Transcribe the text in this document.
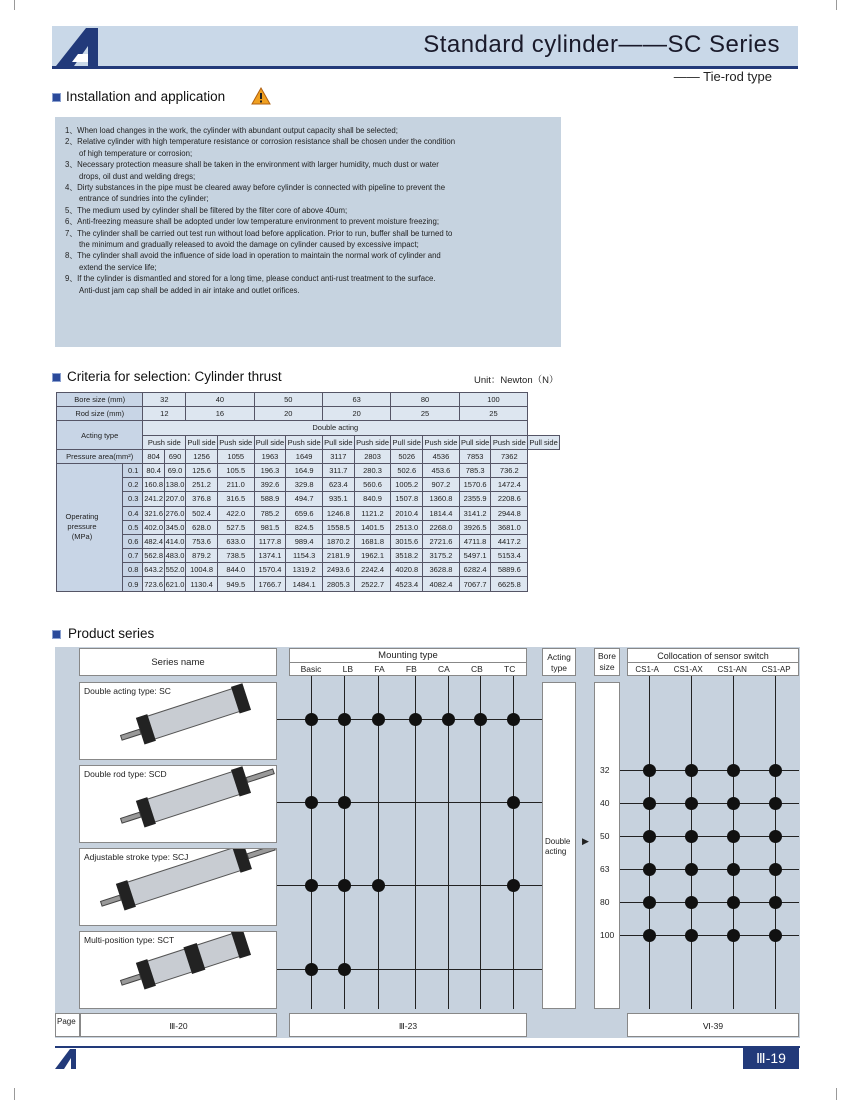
Standard cylinder——SC Series
—— Tie-rod type
Installation and application

1、When load changes in the work, the cylinder with abundant output capacity shall be selected;

2、Relative cylinder with high temperature resistance or corrosion resistance shall be chosen under the condition

of high temperature or corrosion;

3、Necessary protection measure shall be taken in the environment with larger humidity, much dust or water

drops, oil dust and welding dregs;

4、Dirty substances in the pipe must be cleared away before cylinder is connected with pipeline to prevent the

entrance of sundries into the cylinder;

5、The medium used by cylinder shall be filtered by the filter core of above 40um;

6、Anti-freezing measure shall be adopted under low temperature environment to prevent moisture freezing;

7、The cylinder shall be carried out test run without load before application. Prior to run, buffer shall be turned to

the minimum and gradually released to avoid the damage on cylinder caused by excessive impact;

8、The cylinder shall avoid the influence of side load in operation to maintain the normal work of cylinder and

extend the service life;

9、If the cylinder is dismantled and stored for a long time, please conduct anti-rust treatment to the surface.

Anti-dust jam cap shall be added in air intake and outlet orifices.

Criteria for selection: Cylinder thrust	Unit：Newton（N）
Bore size (mm)		32		40		50		63		80		100		
Rod size (mm)		12		16		20		20		25		25		
Acting type		Double acting												
		Push side		Pull side	Push side	Pull side	Push side	Pull side	Push side	Pull side	Push side	Pull side	Push side	Pull side
Pressure area(mm²)		804	690	1256	1055	1963	1649	3117	2803	5026	4536	7853	7362	

Operating pressure (MPa)	0.1	80.4	69.0	125.6	105.5	196.3	164.9	311.7	280.3	502.6	453.6	785.3	736.2	
	0.2	160.8	138.0	251.2	211.0	392.6	329.8	623.4	560.6	1005.2	907.2	1570.6	1472.4	
	0.3	241.2	207.0	376.8	316.5	588.9	494.7	935.1	840.9	1507.8	1360.8	2355.9	2208.6	
	0.4	321.6	276.0	502.4	422.0	785.2	659.6	1246.8	1121.2	2010.4	1814.4	3141.2	2944.8	
	0.5	402.0	345.0	628.0	527.5	981.5	824.5	1558.5	1401.5	2513.0	2268.0	3926.5	3681.0	
	0.6	482.4	414.0	753.6	633.0	1177.8	989.4	1870.2	1681.8	3015.6	2721.6	4711.8	4417.2	
	0.7	562.8	483.0	879.2	738.5	1374.1	1154.3	2181.9	1962.1	3518.2	3175.2	5497.1	5153.4	
	0.8	643.2	552.0	1004.8	844.0	1570.4	1319.2	2493.6	2242.4	4020.8	3628.8	6282.4	5889.6	
	0.9	723.6	621.0	1130.4	949.5	1766.7	1484.1	2805.3	2522.7	4523.4	4082.4	7067.7	6625.8	
Product series
Series name
Mounting type
Basic LB FA FB CA CB TC
Acting type
Bore size
Collocation of sensor switch
CS1-A CS1-AX CS1-AN CS1-AP
Double acting type: SC
Double rod type: SCD
Adjustable stroke type: SCJ
Multi-position type: SCT
Double acting
▶
32
40
50
63
80
100
Page	Ⅲ-20	Ⅲ-23	Ⅵ-39
Ⅲ-19
